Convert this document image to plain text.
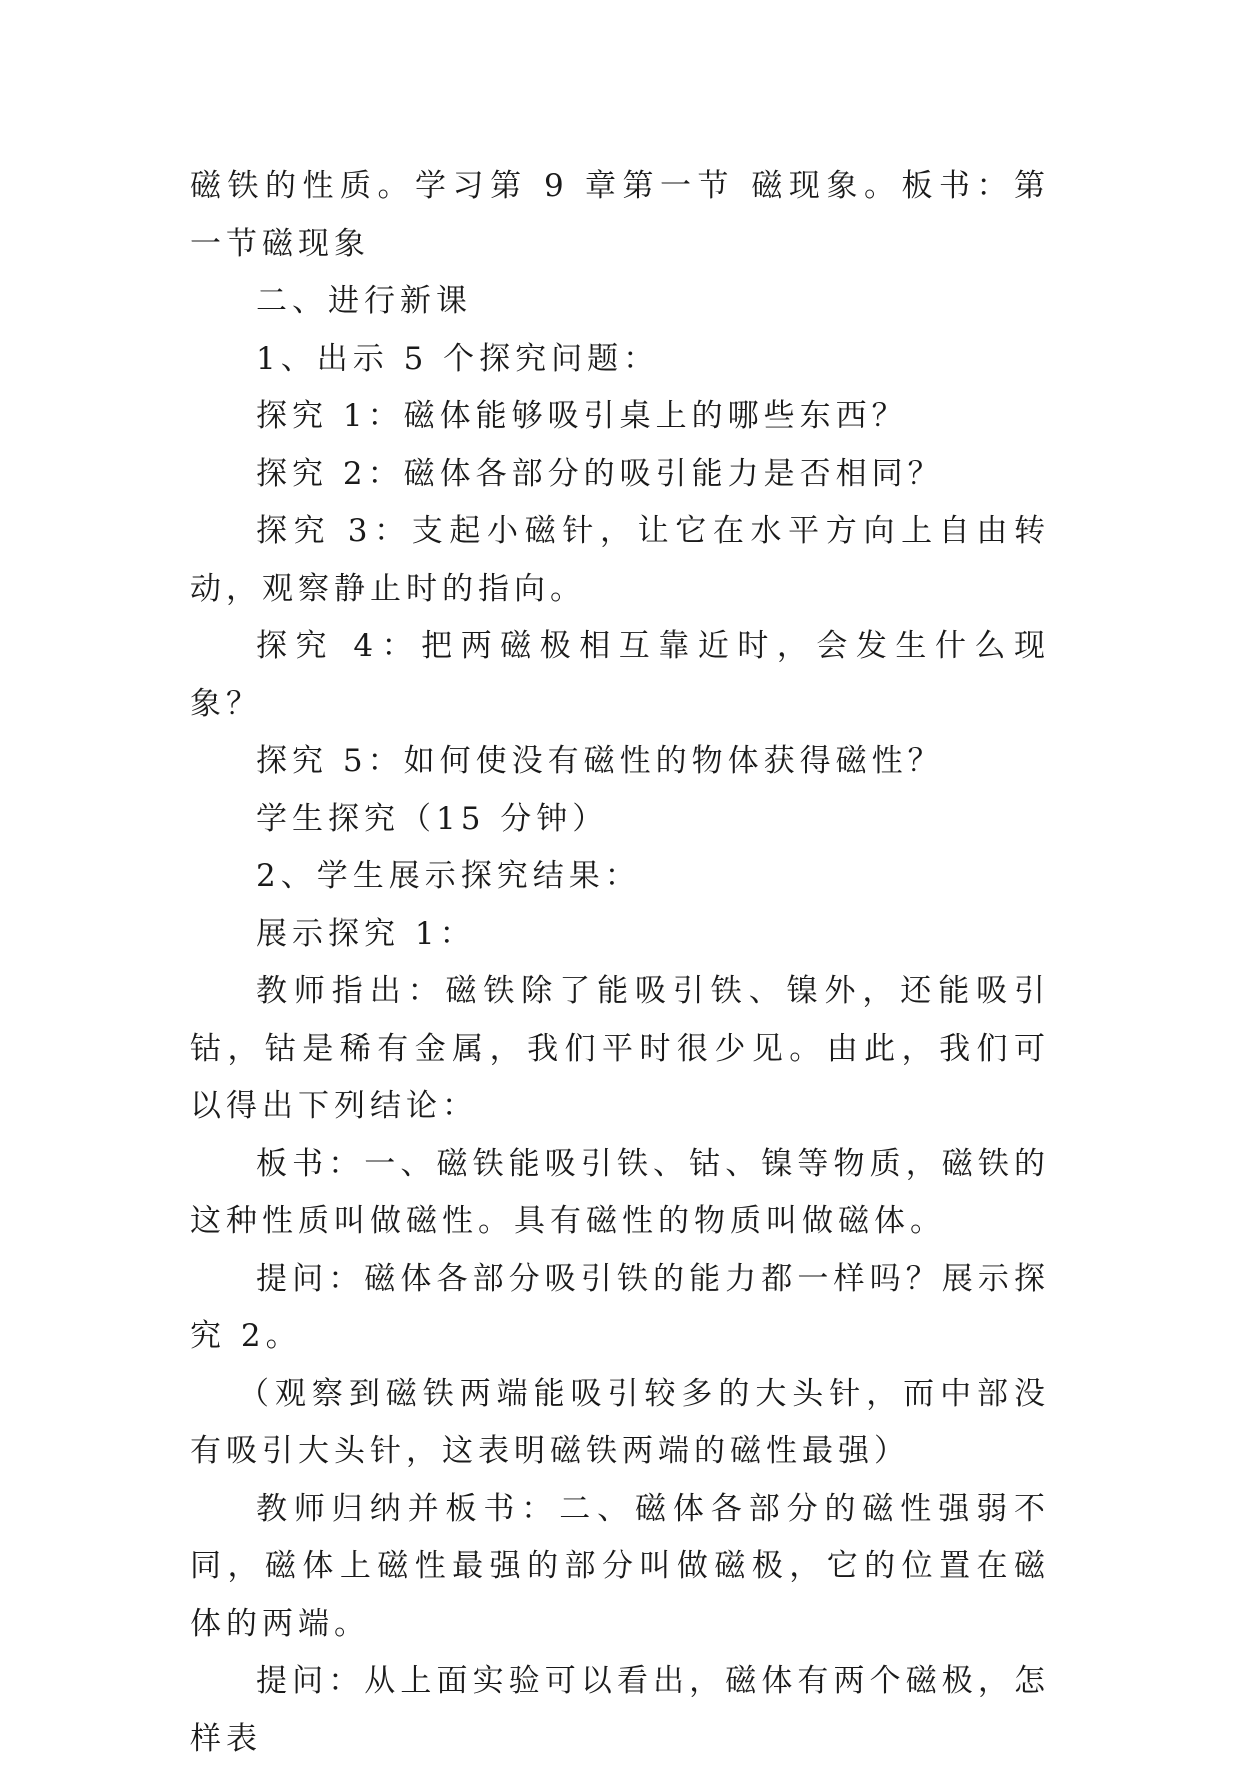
磁铁的性质。学习第 9 章第一节 磁现象。板书：第一节磁现象

二、进行新课

1、出示 5 个探究问题：

探究 1：磁体能够吸引桌上的哪些东西？

探究 2：磁体各部分的吸引能力是否相同？

探究 3：支起小磁针，让它在水平方向上自由转动，观察静止时的指向。

探究 4：把两磁极相互靠近时，会发生什么现象？

探究 5：如何使没有磁性的物体获得磁性？

学生探究（15 分钟）

2、学生展示探究结果：

展示探究 1：

教师指出：磁铁除了能吸引铁、镍外，还能吸引钴，钴是稀有金属，我们平时很少见。由此，我们可以得出下列结论：

板书：一、磁铁能吸引铁、钴、镍等物质，磁铁的这种性质叫做磁性。具有磁性的物质叫做磁体。

提问：磁体各部分吸引铁的能力都一样吗？展示探究 2。

（观察到磁铁两端能吸引较多的大头针，而中部没有吸引大头针，这表明磁铁两端的磁性最强）

教师归纳并板书：二、磁体各部分的磁性强弱不同，磁体上磁性最强的部分叫做磁极，它的位置在磁体的两端。

提问：从上面实验可以看出，磁体有两个磁极，怎样表
